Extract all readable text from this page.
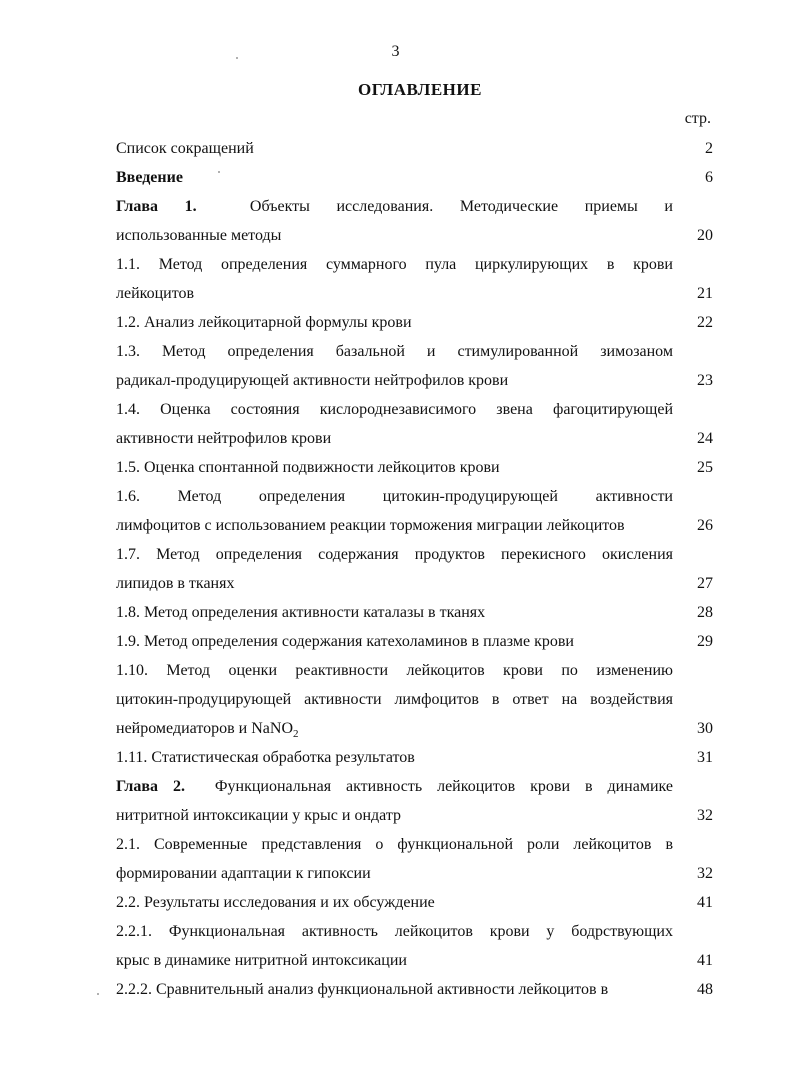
3
ОГЛАВЛЕНИЕ
стр.
Список сокращений	2
Введение	6
Глава 1.	Объекты исследования. Методические приемы и
использованные методы	20
1.1. Метод определения суммарного пула циркулирующих в крови
лейкоцитов	21
1.2. Анализ лейкоцитарной формулы крови	22
1.3. Метод определения базальной и стимулированной зимозаном
радикал-продуцирующей активности нейтрофилов крови	23
1.4. Оценка состояния кислороднезависимого звена фагоцитирующей
активности нейтрофилов крови	24
1.5. Оценка спонтанной подвижности лейкоцитов крови	25
1.6. Метод определения цитокин-продуцирующей активности
лимфоцитов с использованием реакции торможения миграции лейкоцитов	26
1.7. Метод определения содержания продуктов перекисного окисления
липидов в тканях	27
1.8. Метод определения активности каталазы в тканях	28
1.9. Метод определения содержания катехоламинов в плазме крови	29
1.10. Метод оценки реактивности лейкоцитов крови по изменению
цитокин-продуцирующей активности лимфоцитов в ответ на воздействия
нейромедиаторов и NaNO$_2$	30
1.11. Статистическая обработка результатов	31
Глава 2. Функциональная активность лейкоцитов крови в динамике
нитритной интоксикации у крыс и ондатр	32
2.1. Современные представления о функциональной роли лейкоцитов в
формировании адаптации к гипоксии	32
2.2. Результаты исследования и их обсуждение	41
2.2.1. Функциональная активность лейкоцитов крови у бодрствующих
крыс в динамике нитритной интоксикации	41
2.2.2. Сравнительный анализ функциональной активности лейкоцитов в	48
